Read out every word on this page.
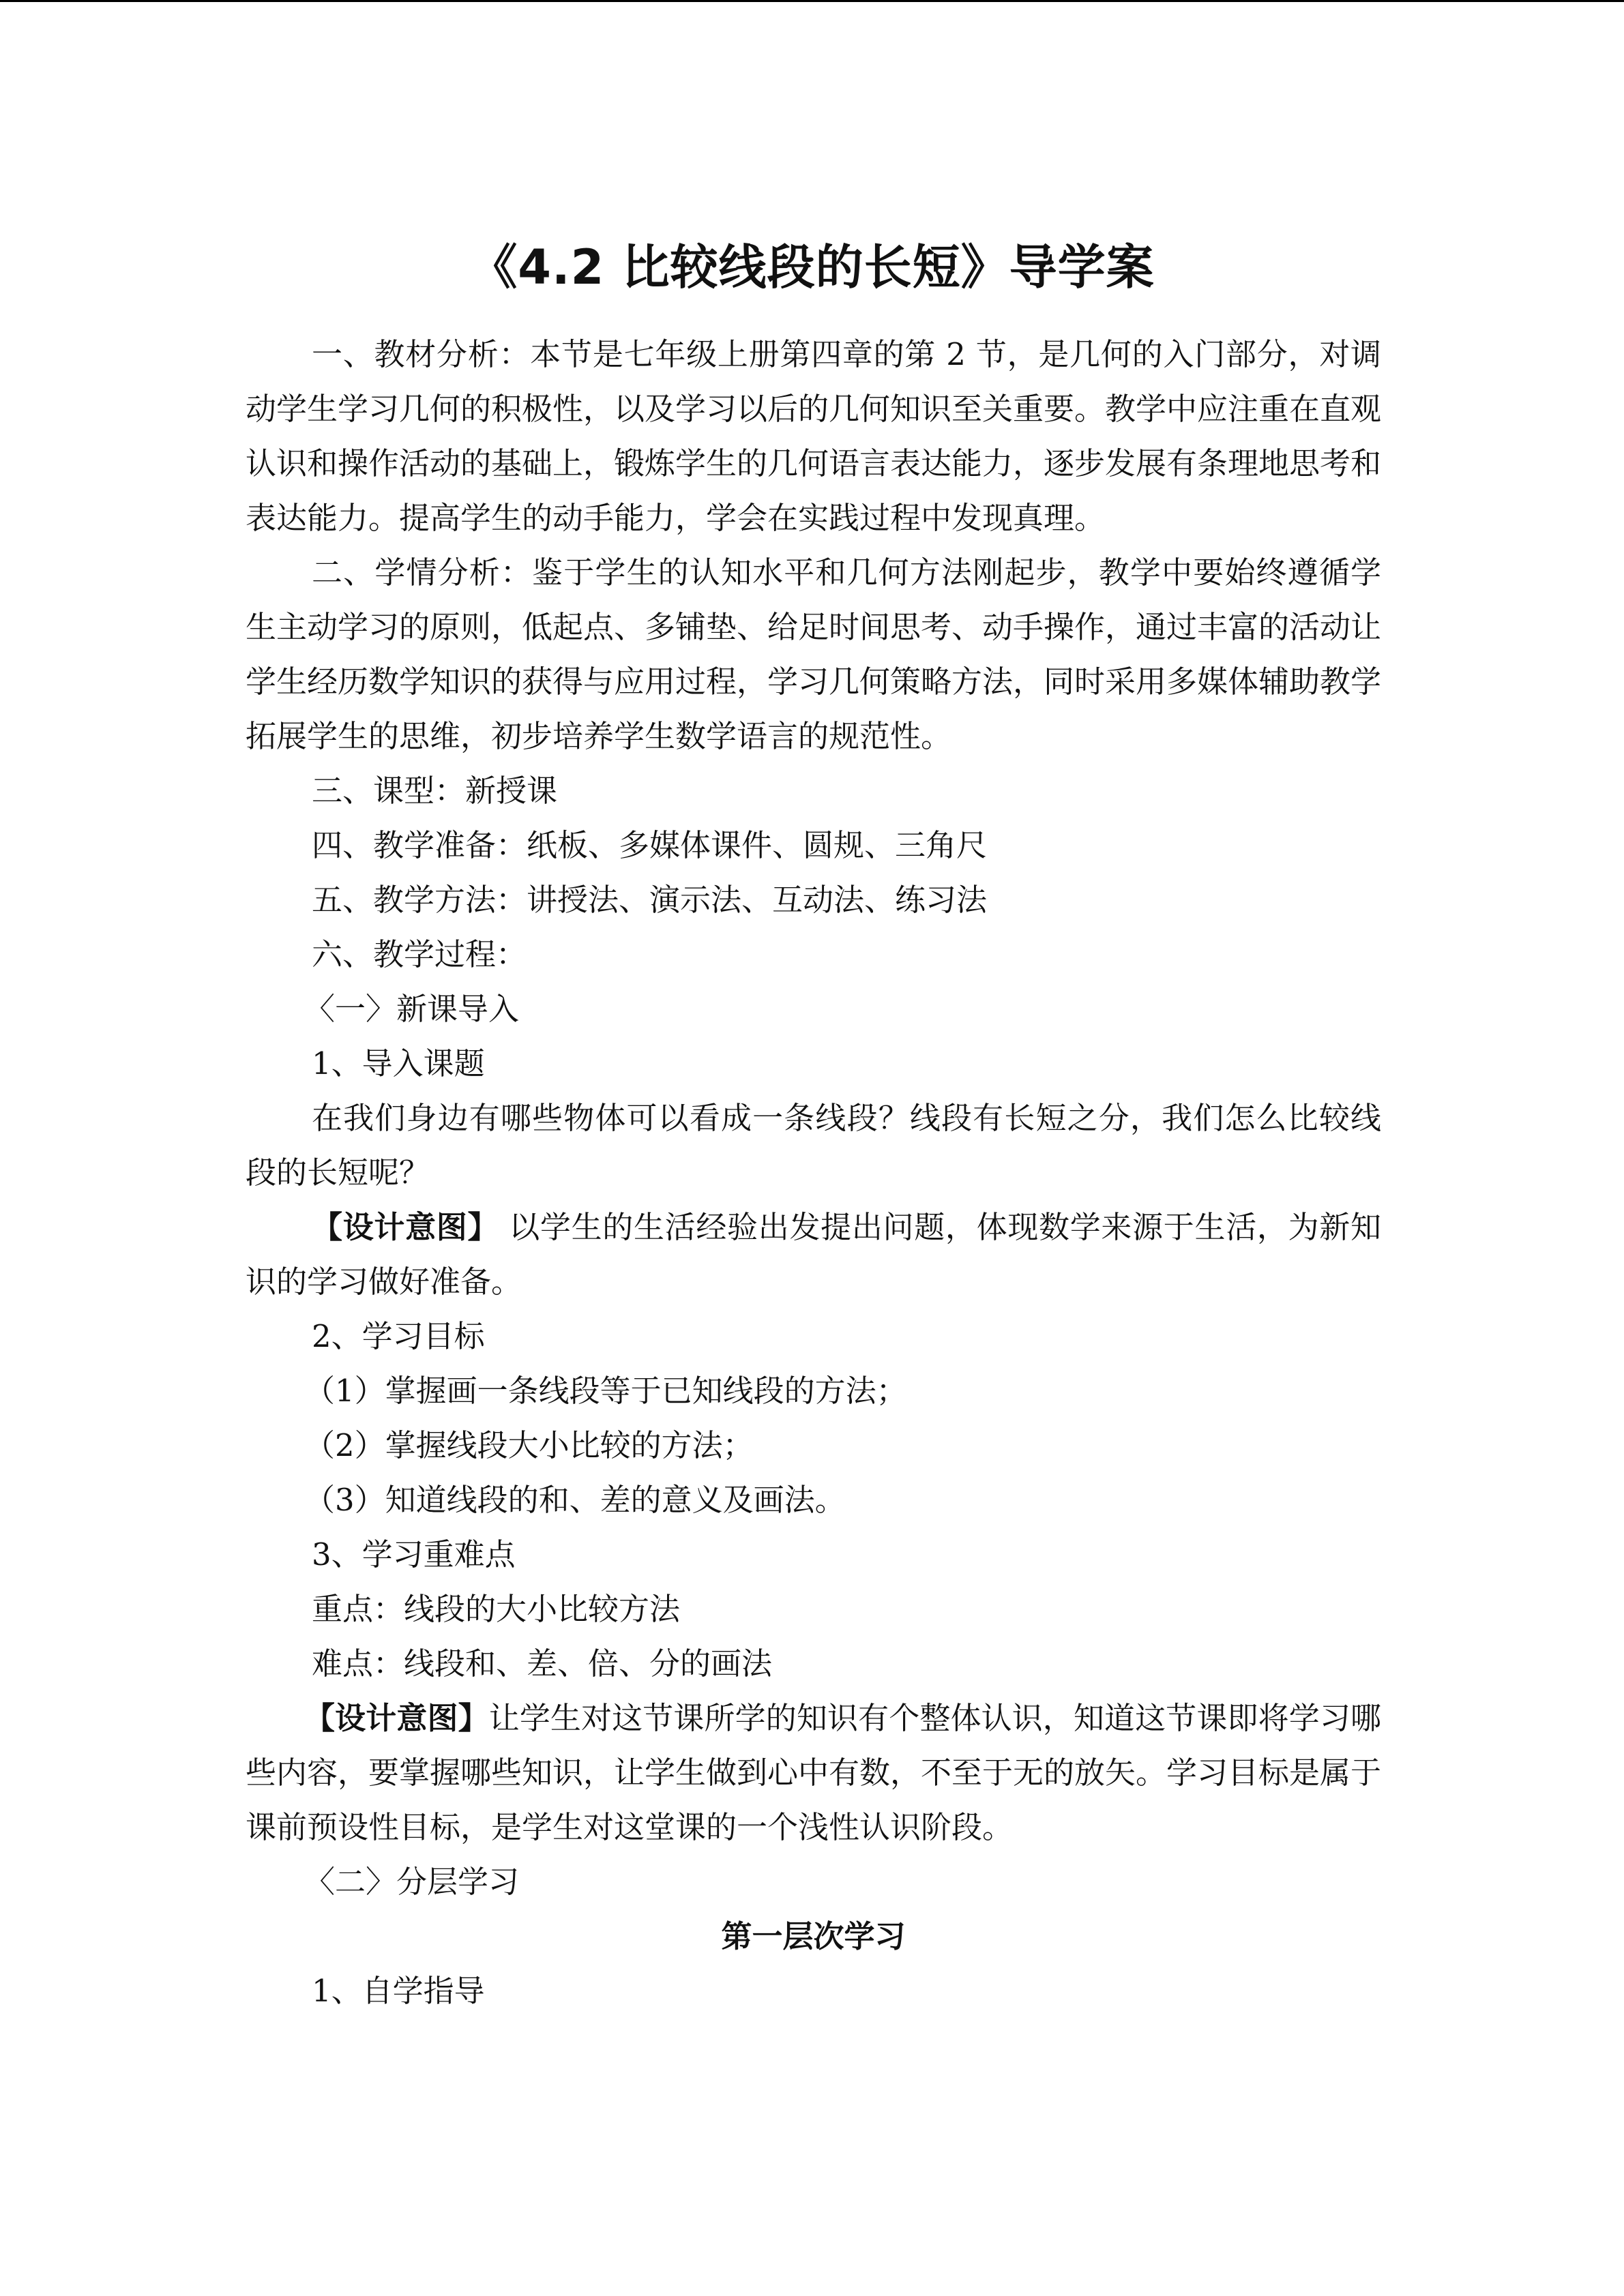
《4.2 比较线段的长短》导学案

一、教材分析：本节是七年级上册第四章的第 2 节，是几何的入门部分，对调动学生学习几何的积极性，以及学习以后的几何知识至关重要。教学中应注重在直观认识和操作活动的基础上，锻炼学生的几何语言表达能力，逐步发展有条理地思考和表达能力。提高学生的动手能力，学会在实践过程中发现真理。

二、学情分析：鉴于学生的认知水平和几何方法刚起步，教学中要始终遵循学生主动学习的原则，低起点、多铺垫、给足时间思考、动手操作，通过丰富的活动让学生经历数学知识的获得与应用过程，学习几何策略方法，同时采用多媒体辅助教学拓展学生的思维，初步培养学生数学语言的规范性。

三、课型：新授课

四、教学准备：纸板、多媒体课件、圆规、三角尺

五、教学方法：讲授法、演示法、互动法、练习法

六、教学过程：

〈一〉新课导入

1、导入课题

在我们身边有哪些物体可以看成一条线段？线段有长短之分，我们怎么比较线段的长短呢？

【设计意图】 以学生的生活经验出发提出问题，体现数学来源于生活，为新知识的学习做好准备。

2、学习目标

（1）掌握画一条线段等于已知线段的方法；

（2）掌握线段大小比较的方法；

（3）知道线段的和、差的意义及画法。

3、学习重难点

重点：线段的大小比较方法

难点：线段和、差、倍、分的画法

【设计意图】让学生对这节课所学的知识有个整体认识，知道这节课即将学习哪些内容，要掌握哪些知识，让学生做到心中有数，不至于无的放矢。学习目标是属于课前预设性目标，是学生对这堂课的一个浅性认识阶段。

〈二〉分层学习

第一层次学习

1、自学指导
